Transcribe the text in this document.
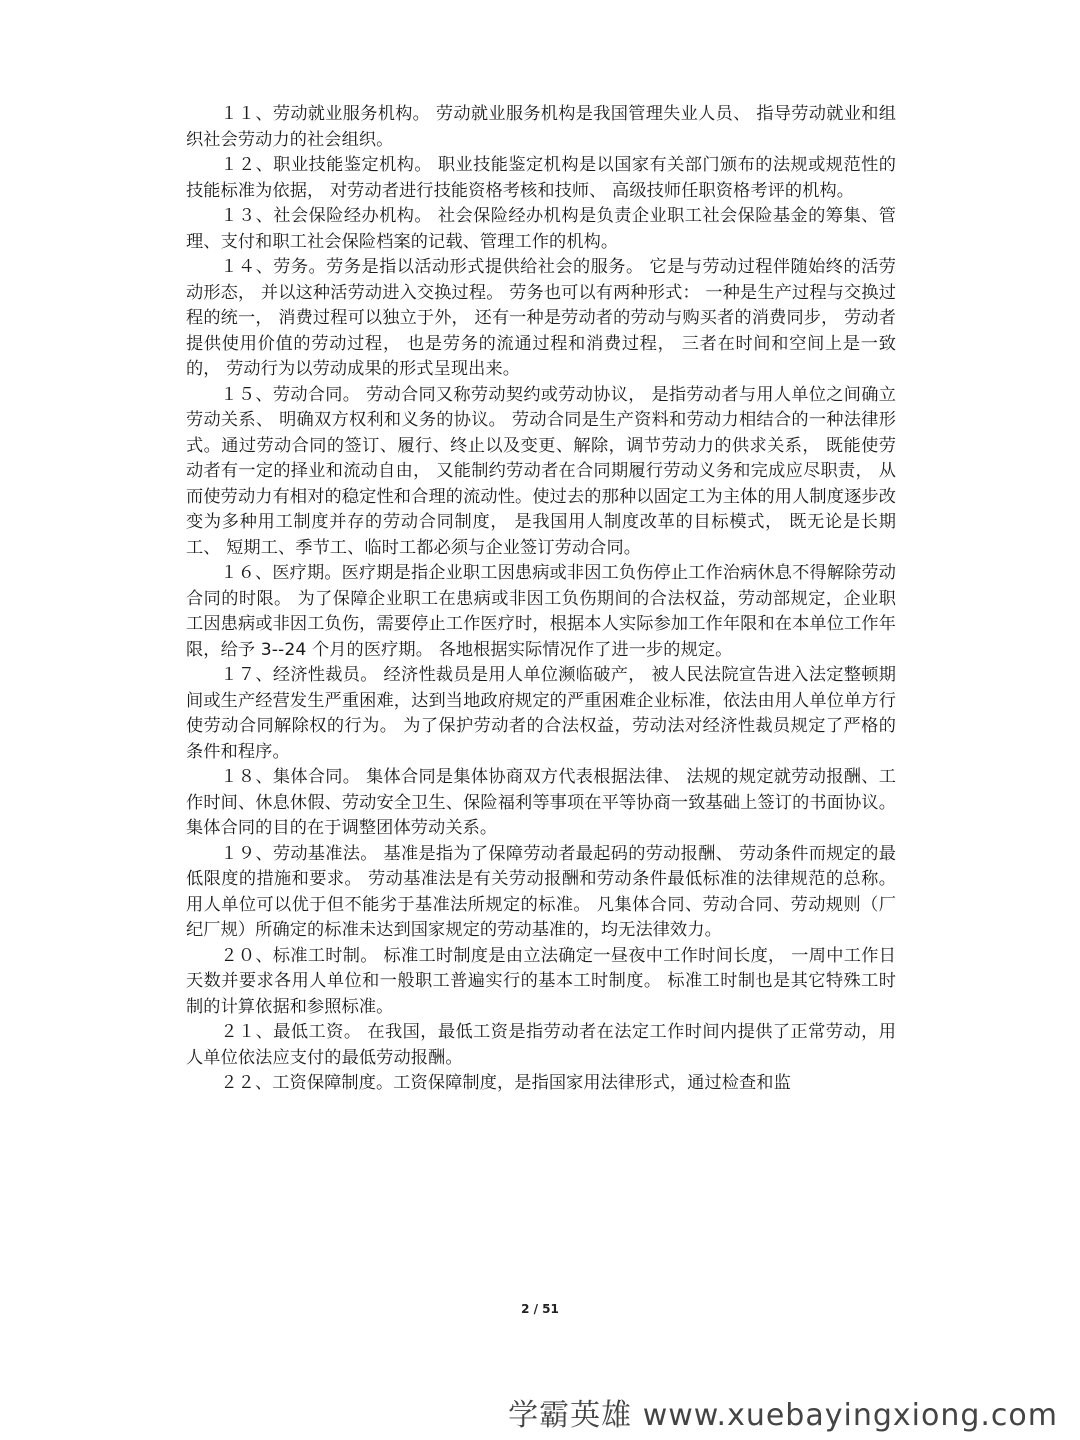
１１、劳动就业服务机构。 劳动就业服务机构是我国管理失业人员、 指导劳动就业和组织社会劳动力的社会组织。

１２、职业技能鉴定机构。 职业技能鉴定机构是以国家有关部门颁布的法规或规范性的技能标准为依据， 对劳动者进行技能资格考核和技师、 高级技师任职资格考评的机构。

１３、社会保险经办机构。 社会保险经办机构是负责企业职工社会保险基金的筹集、管理、支付和职工社会保险档案的记载、管理工作的机构。

１４、劳务。劳务是指以活动形式提供给社会的服务。 它是与劳动过程伴随始终的活劳动形态， 并以这种活劳动进入交换过程。 劳务也可以有两种形式： 一种是生产过程与交换过程的统一， 消费过程可以独立于外， 还有一种是劳动者的劳动与购买者的消费同步， 劳动者提供使用价值的劳动过程， 也是劳务的流通过程和消费过程， 三者在时间和空间上是一致的， 劳动行为以劳动成果的形式呈现出来。

１５、劳动合同。 劳动合同又称劳动契约或劳动协议， 是指劳动者与用人单位之间确立劳动关系、 明确双方权利和义务的协议。 劳动合同是生产资料和劳动力相结合的一种法律形式。通过劳动合同的签订、履行、终止以及变更、解除，调节劳动力的供求关系， 既能使劳动者有一定的择业和流动自由， 又能制约劳动者在合同期履行劳动义务和完成应尽职责， 从而使劳动力有相对的稳定性和合理的流动性。使过去的那种以固定工为主体的用人制度逐步改变为多种用工制度并存的劳动合同制度， 是我国用人制度改革的目标模式， 既无论是长期工、 短期工、季节工、临时工都必须与企业签订劳动合同。

１６、医疗期。医疗期是指企业职工因患病或非因工负伤停止工作治病休息不得解除劳动合同的时限。 为了保障企业职工在患病或非因工负伤期间的合法权益，劳动部规定，企业职工因患病或非因工负伤，需要停止工作医疗时，根据本人实际参加工作年限和在本单位工作年限，给予 3--24 个月的医疗期。 各地根据实际情况作了进一步的规定。

１７、经济性裁员。 经济性裁员是用人单位濒临破产， 被人民法院宣告进入法定整顿期间或生产经营发生严重困难，达到当地政府规定的严重困难企业标准，依法由用人单位单方行使劳动合同解除权的行为。 为了保护劳动者的合法权益，劳动法对经济性裁员规定了严格的条件和程序。

１８、集体合同。 集体合同是集体协商双方代表根据法律、 法规的规定就劳动报酬、工作时间、休息休假、劳动安全卫生、保险福利等事项在平等协商一致基础上签订的书面协议。集体合同的目的在于调整团体劳动关系。

１９、劳动基准法。 基准是指为了保障劳动者最起码的劳动报酬、 劳动条件而规定的最低限度的措施和要求。 劳动基准法是有关劳动报酬和劳动条件最低标准的法律规范的总称。 用人单位可以优于但不能劣于基准法所规定的标准。 凡集体合同、劳动合同、劳动规则（厂纪厂规）所确定的标准未达到国家规定的劳动基准的，均无法律效力。

２０、标准工时制。 标准工时制度是由立法确定一昼夜中工作时间长度， 一周中工作日天数并要求各用人单位和一般职工普遍实行的基本工时制度。 标准工时制也是其它特殊工时制的计算依据和参照标准。

２１、最低工资。 在我国，最低工资是指劳动者在法定工作时间内提供了正常劳动，用人单位依法应支付的最低劳动报酬。

２２、工资保障制度。工资保障制度，是指国家用法律形式，通过检查和监

2 / 51
学霸英雄 www.xuebayingxiong.com
